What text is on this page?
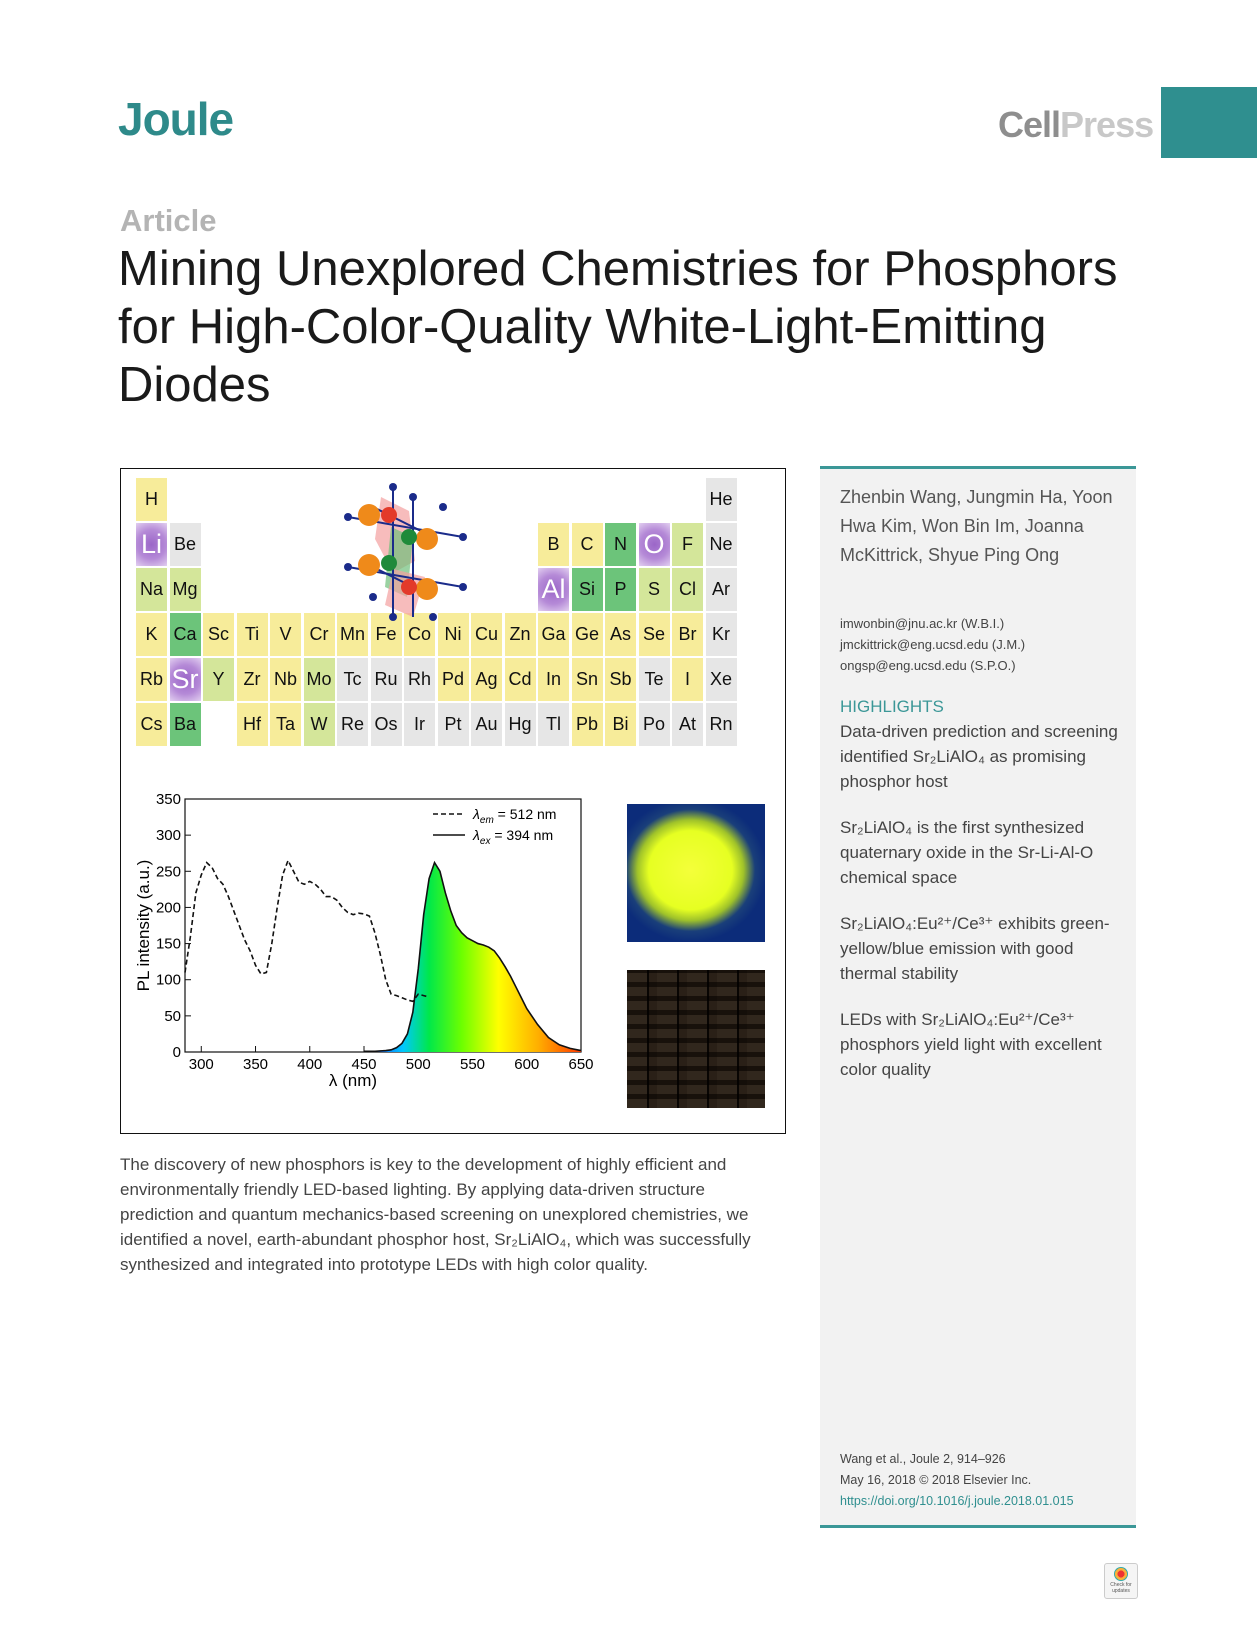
Joule	CellPress
Article
Mining Unexplored Chemistries for Phosphors for High-Color-Quality White-Light-Emitting Diodes
H	He
Li Be	B	C	N O F Ne
Na Mg	Al Si	P	S	Cl Ar
K Ca Sc Ti	V	Cr Mn Fe Co Ni Cu Zn Ga Ge As Se Br Kr
Rb Sr Y	Zr Nb Mo Tc Ru Rh Pd Ag Cd In Sn Sb Te	I	Xe
Cs Ba	Hf Ta W Re Os Ir	Pt Au Hg Tl Pb Bi Po At Rn
300 350 400 450 500 550 600 650
0
50
100
150
200
250
300
350
λ (nm)
PL intensity (a.u.)
$\lambda_{em} = 512$ nm
$\lambda_{ex} = 394$ nm

Zhenbin Wang, Jungmin Ha, Yoon Hwa Kim, Won Bin Im, Joanna McKittrick, Shyue Ping Ong

imwonbin@jnu.ac.kr (W.B.I.)
jmckittrick@eng.ucsd.edu (J.M.)
ongsp@eng.ucsd.edu (S.P.O.)
HIGHLIGHTS

Data-driven prediction and screening identified Sr₂LiAlO₄ as promising phosphor host

Sr₂LiAlO₄ is the first synthesized quaternary oxide in the Sr-Li-Al-O chemical space

Sr₂LiAlO₄:Eu²⁺/Ce³⁺ exhibits green-yellow/blue emission with good thermal stability

LEDs with Sr₂LiAlO₄:Eu²⁺/Ce³⁺ phosphors yield light with excellent color quality

Wang et al., Joule 2, 914–926
May 16, 2018 © 2018 Elsevier Inc.
https://doi.org/10.1016/j.joule.2018.01.015

The discovery of new phosphors is key to the development of highly efficient and environmentally friendly LED-based lighting. By applying data-driven structure prediction and quantum mechanics-based screening on unexplored chemistries, we identified a novel, earth-abundant phosphor host, Sr₂LiAlO₄, which was successfully synthesized and integrated into prototype LEDs with high color quality.

Check for updates
